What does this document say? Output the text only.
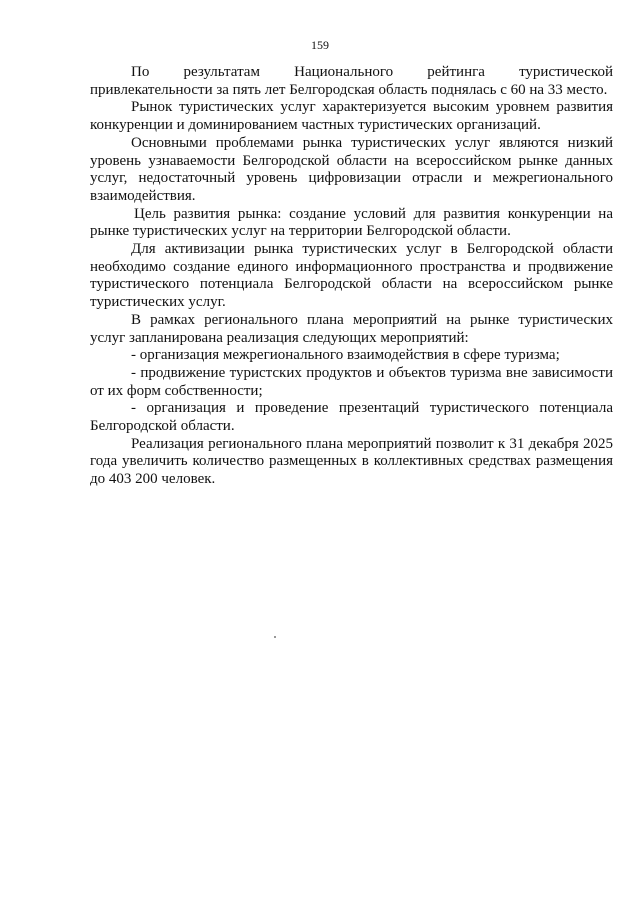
159

По результатам Национального рейтинга туристической привлекательности за пять лет Белгородская область поднялась с 60 на 33 место.

Рынок туристических услуг характеризуется высоким уровнем развития конкуренции и доминированием частных туристических организаций.

Основными проблемами рынка туристических услуг являются низкий уровень узнаваемости Белгородской области на всероссийском рынке данных услуг, недостаточный уровень цифровизации отрасли и межрегионального взаимодействия.

Цель развития рынка: создание условий для развития конкуренции на рынке туристических услуг на территории Белгородской области.

Для активизации рынка туристических услуг в Белгородской области необходимо создание единого информационного пространства и продвижение туристического потенциала Белгородской области на всероссийском рынке туристических услуг.

В рамках регионального плана мероприятий на рынке туристических услуг запланирована реализация следующих мероприятий:

- организация межрегионального взаимодействия в сфере туризма;

- продвижение туристских продуктов и объектов туризма вне зависимости от их форм собственности;

- организация и проведение презентаций туристического потенциала Белгородской области.

Реализация регионального плана мероприятий позволит к 31 декабря 2025 года увеличить количество размещенных в коллективных средствах размещения до 403 200 человек.
